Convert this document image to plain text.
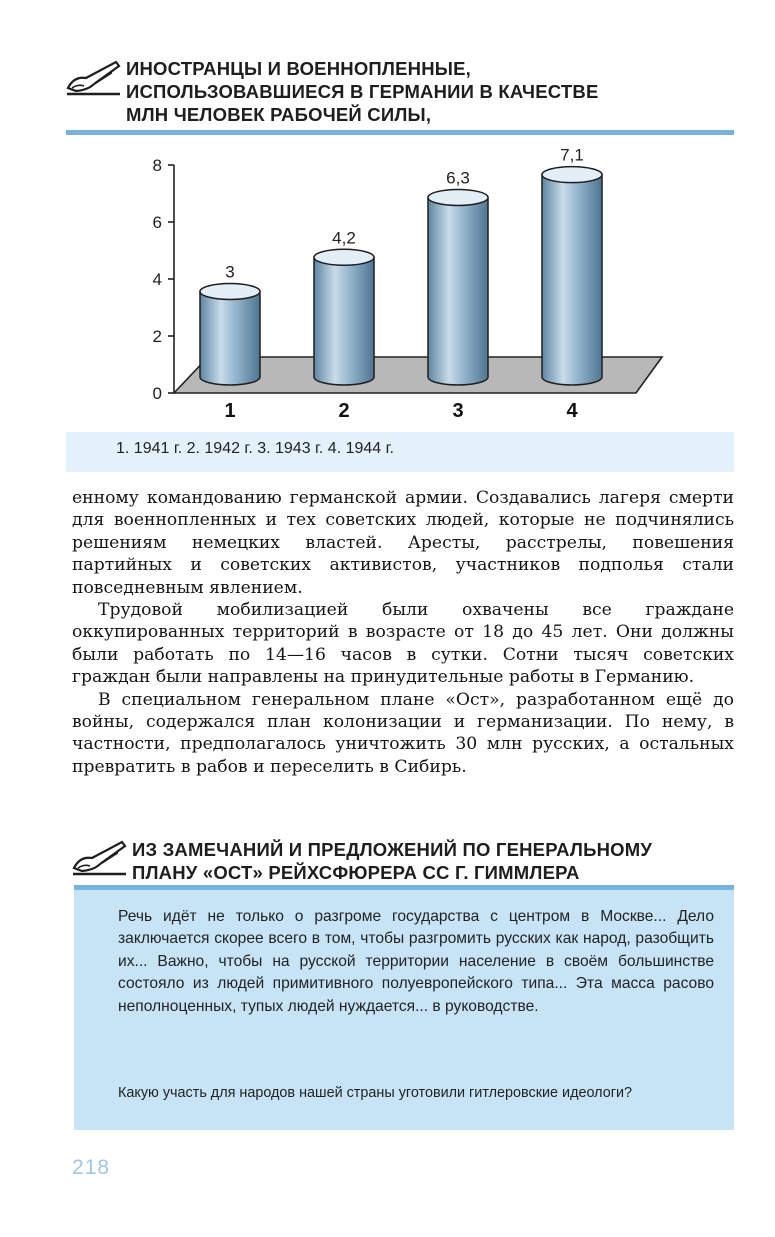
ИНОСТРАНЦЫ И ВОЕННОПЛЕННЫЕ,
ИСПОЛЬЗОВАВШИЕСЯ В ГЕРМАНИИ В КАЧЕСТВЕ
МЛН ЧЕЛОВЕК РАБОЧЕЙ СИЛЫ,
0
2
4
6
8
3
1
4,2
2
6,3
3
7,1
4
1. 1941 г. 2. 1942 г. 3. 1943 г. 4. 1944 г.

енному командованию германской армии. Создавались лагеря смерти для военнопленных и тех советских людей, которые не подчинялись решениям немецких властей. Аресты, расстрелы, повешения партийных и советских активистов, участников подполья стали повседневным явлением.

Трудовой мобилизацией были охвачены все граждане оккупированных территорий в возрасте от 18 до 45 лет. Они должны были работать по 14—16 часов в сутки. Сотни тысяч советских граждан были направлены на принудительные работы в Германию.

В специальном генеральном плане «Ост», разработанном ещё до войны, содержался план колонизации и германизации. По нему, в частности, предполагалось уничтожить 30 млн русских, а остальных превратить в рабов и переселить в Сибирь.

ИЗ ЗАМЕЧАНИЙ И ПРЕДЛОЖЕНИЙ ПО ГЕНЕРАЛЬНОМУ
ПЛАНУ «ОСТ» РЕЙХСФЮРЕРА СС Г. ГИММЛЕРА
Речь идёт не только о разгроме государства с центром в Москве... Дело заключается скорее всего в том, чтобы разгромить русских как народ, разобщить их... Важно, чтобы на русской территории население в своём большинстве состояло из людей примитивного полуевропейского типа... Эта масса расово неполноценных, тупых людей нуждается... в руководстве.
Какую участь для народов нашей страны уготовили гитлеровские идеологи?
218
